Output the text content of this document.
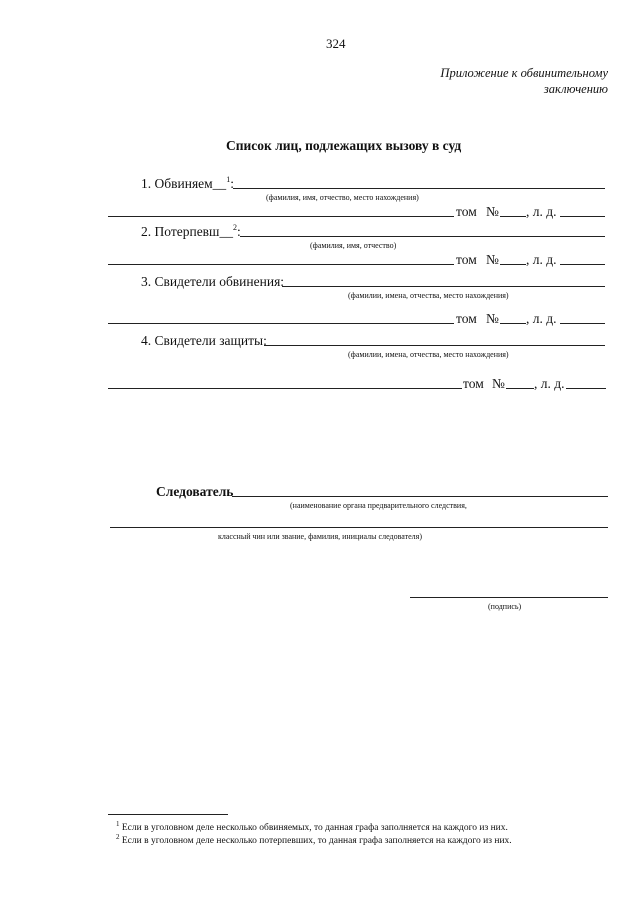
324
Приложение к обвинительному
заключению
Список лиц, подлежащих вызову в суд
1. Обвиняем__$^1$:
(фамилия, имя, отчество, место нахождения)
том № , л. д.
2. Потерпевш__$^2$:
(фамилия, имя, отчество)
том № , л. д.
3. Свидетели обвинения:
(фамилии, имена, отчества, место нахождения)
том № , л. д.
4. Свидетели защиты:
(фамилии, имена, отчества, место нахождения)
том № , л. д.
Следователь
(наименование органа предварительного следствия,
классный чин или звание, фамилия, инициалы следователя)
(подпись)
$^1$ Если в уголовном деле несколько обвиняемых, то данная графа заполняется на каждого из них.
$^2$ Если в уголовном деле несколько потерпевших, то данная графа заполняется на каждого из них.
